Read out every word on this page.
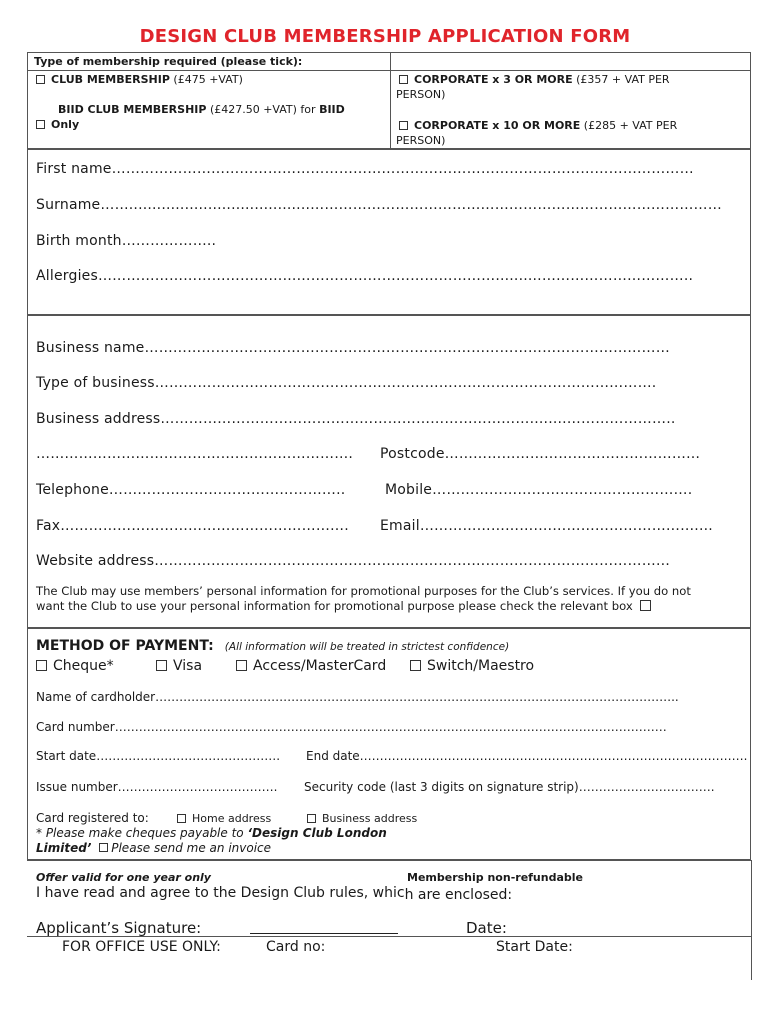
DESIGN CLUB MEMBERSHIP APPLICATION FORM
Type of membership required (please tick):
CLUB MEMBERSHIP (£475 +VAT)
BIID CLUB MEMBERSHIP (£427.50 +VAT) for BIID
Only
CORPORATE x 3 OR MORE (£357 + VAT PER
PERSON)
CORPORATE x 10 OR MORE (£285 + VAT PER
PERSON)
First name……………………………………………………………………………………………………………
Surname…….......................................……………………………………………………………………………
Birth month………………..
Allergies…………………………………...……………………………………..........…………………………..
Business name…………………………………………………………………………………………………
Type of business…………………………………………………………………………………………….
Business address……………………………………………………………………........…………………..
…………………………………………………………. Postcode………………………………………………
Telephone…………………………………………..	Mobile……………………………………………….
Fax……………………………………………………. Email…………………….……………………………....
Website address……………………………………………………….………………………………………
The Club may use members’ personal information for promotional purposes for the Club’s services. If you do not
want the Club to use your personal information for promotional purpose please check the relevant box
METHOD OF PAYMENT: (All information will be treated in strictest confidence)
Cheque*	Visa	Access/MasterCard	Switch/Maestro
Name of cardholder…………………………………………………………………………………………………………………..
Card number…………………………………………………………………………………………………………………………
Start date………………………………………. End date…………………………………………………………………………………….
Issue number…………………………………. Security code (last 3 digits on signature strip)…………………………….
Card registered to:	Home address	Business address
* Please make cheques payable to ‘Design Club London
Limited’ Please send me an invoice
Offer valid for one year only	Membership non-refundable
I have read and agree to the Design Club rules, which are enclosed:
Applicant’s Signature:	Date:
FOR OFFICE USE ONLY:	Card no:	Start Date:
